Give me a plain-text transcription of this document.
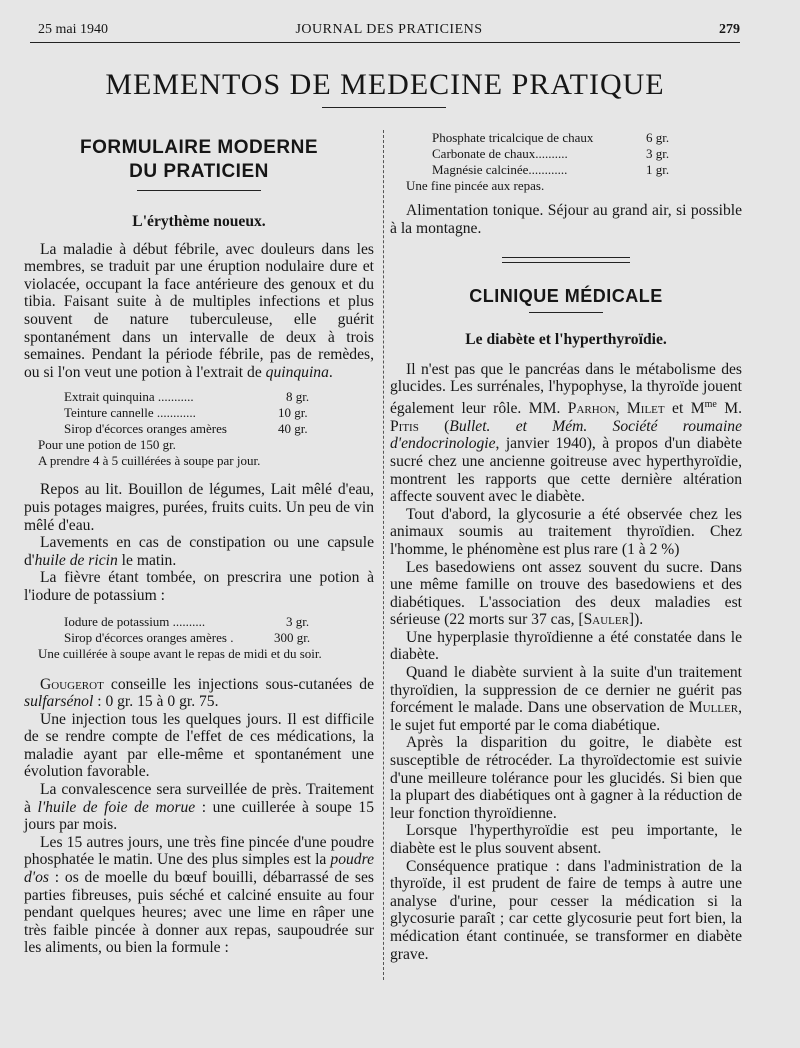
25 mai 1940	JOURNAL DES PRATICIENS	279
MEMENTOS DE MEDECINE PRATIQUE
FORMULAIRE MODERNE
DU PRATICIEN

L'érythème noueux.

La maladie à début fébrile, avec douleurs dans les membres, se traduit par une éruption nodulaire dure et violacée, occupant la face antérieure des genoux et du tibia. Faisant suite à de multiples infections et plus souvent de nature tuberculeuse, elle guérit spontanément dans un intervalle de deux à trois semaines. Pendant la période fébrile, pas de remèdes, ou si l'on veut une potion à l'extrait de quinquina.

Extrait quinquina ...........	8 gr.
Teinture cannelle ............	10 gr.
Sirop d'écorces oranges amères	40 gr.
Pour une potion de 150 gr.
A prendre 4 à 5 cuillérées à soupe par jour.

Repos au lit. Bouillon de légumes, Lait mêlé d'eau, puis potages maigres, purées, fruits cuits. Un peu de vin mêlé d'eau.

Lavements en cas de constipation ou une capsule d'huile de ricin le matin.

La fièvre étant tombée, on prescrira une potion à l'iodure de potassium :

Iodure de potassium ..........	3 gr.
Sirop d'écorces oranges amères .	300 gr.
Une cuillérée à soupe avant le repas de midi et du soir.

Gougerot conseille les injections sous-cutanées de sulfarsénol : 0 gr. 15 à 0 gr. 75.

Une injection tous les quelques jours. Il est difficile de se rendre compte de l'effet de ces médications, la maladie ayant par elle-même et spontanément une évolution favorable.

La convalescence sera surveillée de près. Traitement à l'huile de foie de morue : une cuillerée à soupe 15 jours par mois.

Les 15 autres jours, une très fine pincée d'une poudre phosphatée le matin. Une des plus simples est la poudre d'os : os de moelle du bœuf bouilli, débarrassé de ses parties fibreuses, puis séché et calciné ensuite au four pendant quelques heures; avec une lime en râper une très faible pincée à donner aux repas, saupoudrée sur les aliments, ou bien la formule :

Phosphate tricalcique de chaux	6 gr.
Carbonate de chaux..........	3 gr.
Magnésie calcinée............	1 gr.
Une fine pincée aux repas.

Alimentation tonique. Séjour au grand air, si possible à la montagne.

CLINIQUE MÉDICALE

Le diabète et l'hyperthyroïdie.

Il n'est pas que le pancréas dans le métabolisme des glucides. Les surrénales, l'hypophyse, la thyroïde jouent également leur rôle. MM. Parhon, Milet et $M^{me}$ M. Pitis (Bullet. et Mém. Société roumaine d'endocrinologie, janvier 1940), à propos d'un diabète sucré chez une ancienne goitreuse avec hyperthyroïdie, montrent les rapports que cette dernière altération affecte souvent avec le diabète.

Tout d'abord, la glycosurie a été observée chez les animaux soumis au traitement thyroïdien. Chez l'homme, le phénomène est plus rare (1 à 2 %)

Les basedowiens ont assez souvent du sucre. Dans une même famille on trouve des basedowiens et des diabétiques. L'association des deux maladies est sérieuse (22 morts sur 37 cas, [Sauler]).

Une hyperplasie thyroïdienne a été constatée dans le diabète.

Quand le diabète survient à la suite d'un traitement thyroïdien, la suppression de ce dernier ne guérit pas forcément le malade. Dans une observation de Muller, le sujet fut emporté par le coma diabétique.

Après la disparition du goitre, le diabète est susceptible de rétrocéder. La thyroïdectomie est suivie d'une meilleure tolérance pour les glucidés. Si bien que la plupart des diabétiques ont à gagner à la réduction de leur fonction thyroïdienne.

Lorsque l'hyperthyroïdie est peu importante, le diabète est le plus souvent absent.

Conséquence pratique : dans l'administration de la thyroïde, il est prudent de faire de temps à autre une analyse d'urine, pour cesser la médication si la glycosurie paraît ; car cette glycosurie peut fort bien, la médication étant continuée, se transformer en diabète grave.
